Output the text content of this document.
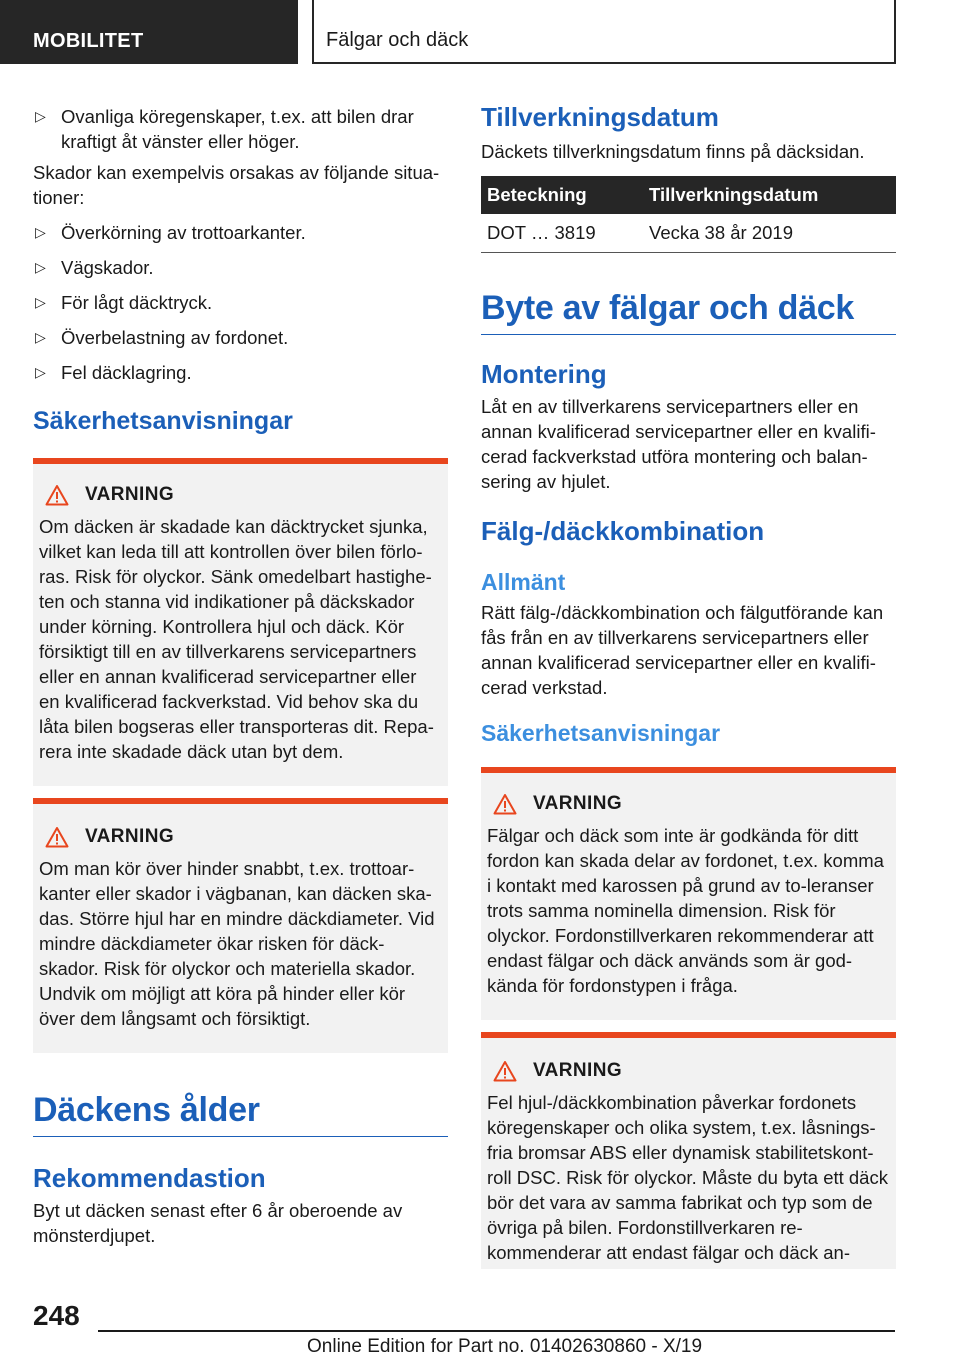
MOBILITET	Fälgar och däck
▷ Ovanliga köregenskaper, t.ex. att bilen drar kraftigt åt vänster eller höger.

Skador kan exempelvis orsakas av följande situa-tioner:

▷ Överkörning av trottoarkanter.
▷ Vägskador.
▷ För lågt däcktryck.
▷ Överbelastning av fordonet.
▷ Fel däcklagring.
Säkerhetsanvisningar
VARNING
Om däcken är skadade kan däcktrycket sjunka, vilket kan leda till att kontrollen över bilen förlo-ras. Risk för olyckor. Sänk omedelbart hastighe-ten och stanna vid indikationer på däckskador under körning. Kontrollera hjul och däck. Kör försiktigt till en av tillverkarens servicepartners eller en annan kvalificerad servicepartner eller en kvalificerad fackverkstad. Vid behov ska du låta bilen bogseras eller transporteras dit. Repa-rera inte skadade däck utan byt dem.
VARNING
Om man kör över hinder snabbt, t.ex. trottoar-kanter eller skador i vägbanan, kan däcken ska-das. Större hjul har en mindre däckdiameter. Vid mindre däckdiameter ökar risken för däck-skador. Risk för olyckor och materiella skador. Undvik om möjligt att köra på hinder eller kör över dem långsamt och försiktigt.
Däckens ålder
Rekommendastion

Byt ut däcken senast efter 6 år oberoende av mönsterdjupet.

Tillverkningsdatum

Däckets tillverkningsdatum finns på däcksidan.

Beteckning	Tillverkningsdatum
DOT … 3819	Vecka 38 år 2019
Byte av fälgar och däck
Montering

Låt en av tillverkarens servicepartners eller en annan kvalificerad servicepartner eller en kvalifi-cerad fackverkstad utföra montering och balan-sering av hjulet.

Fälg-/däckkombination
Allmänt

Rätt fälg-/däckkombination och fälgutförande kan fås från en av tillverkarens servicepartners eller annan kvalificerad servicepartner eller en kvalifi-cerad verkstad.

Säkerhetsanvisningar
VARNING
Fälgar och däck som inte är godkända för ditt fordon kan skada delar av fordonet, t.ex. komma i kontakt med karossen på grund av to-leranser trots samma nominella dimension. Risk för olyckor. Fordonstillverkaren rekommenderar att endast fälgar och däck används som är god-kända för fordonstypen i fråga.
VARNING
Fel hjul-/däckkombination påverkar fordonets köregenskaper och olika system, t.ex. låsnings-fria bromsar ABS eller dynamisk stabilitetskont-roll DSC. Risk för olyckor. Måste du byta ett däck bör det vara av samma fabrikat och typ som de övriga på bilen. Fordonstillverkaren re-kommenderar att endast fälgar och däck an-
248
Online Edition for Part no. 01402630860 - X/19
